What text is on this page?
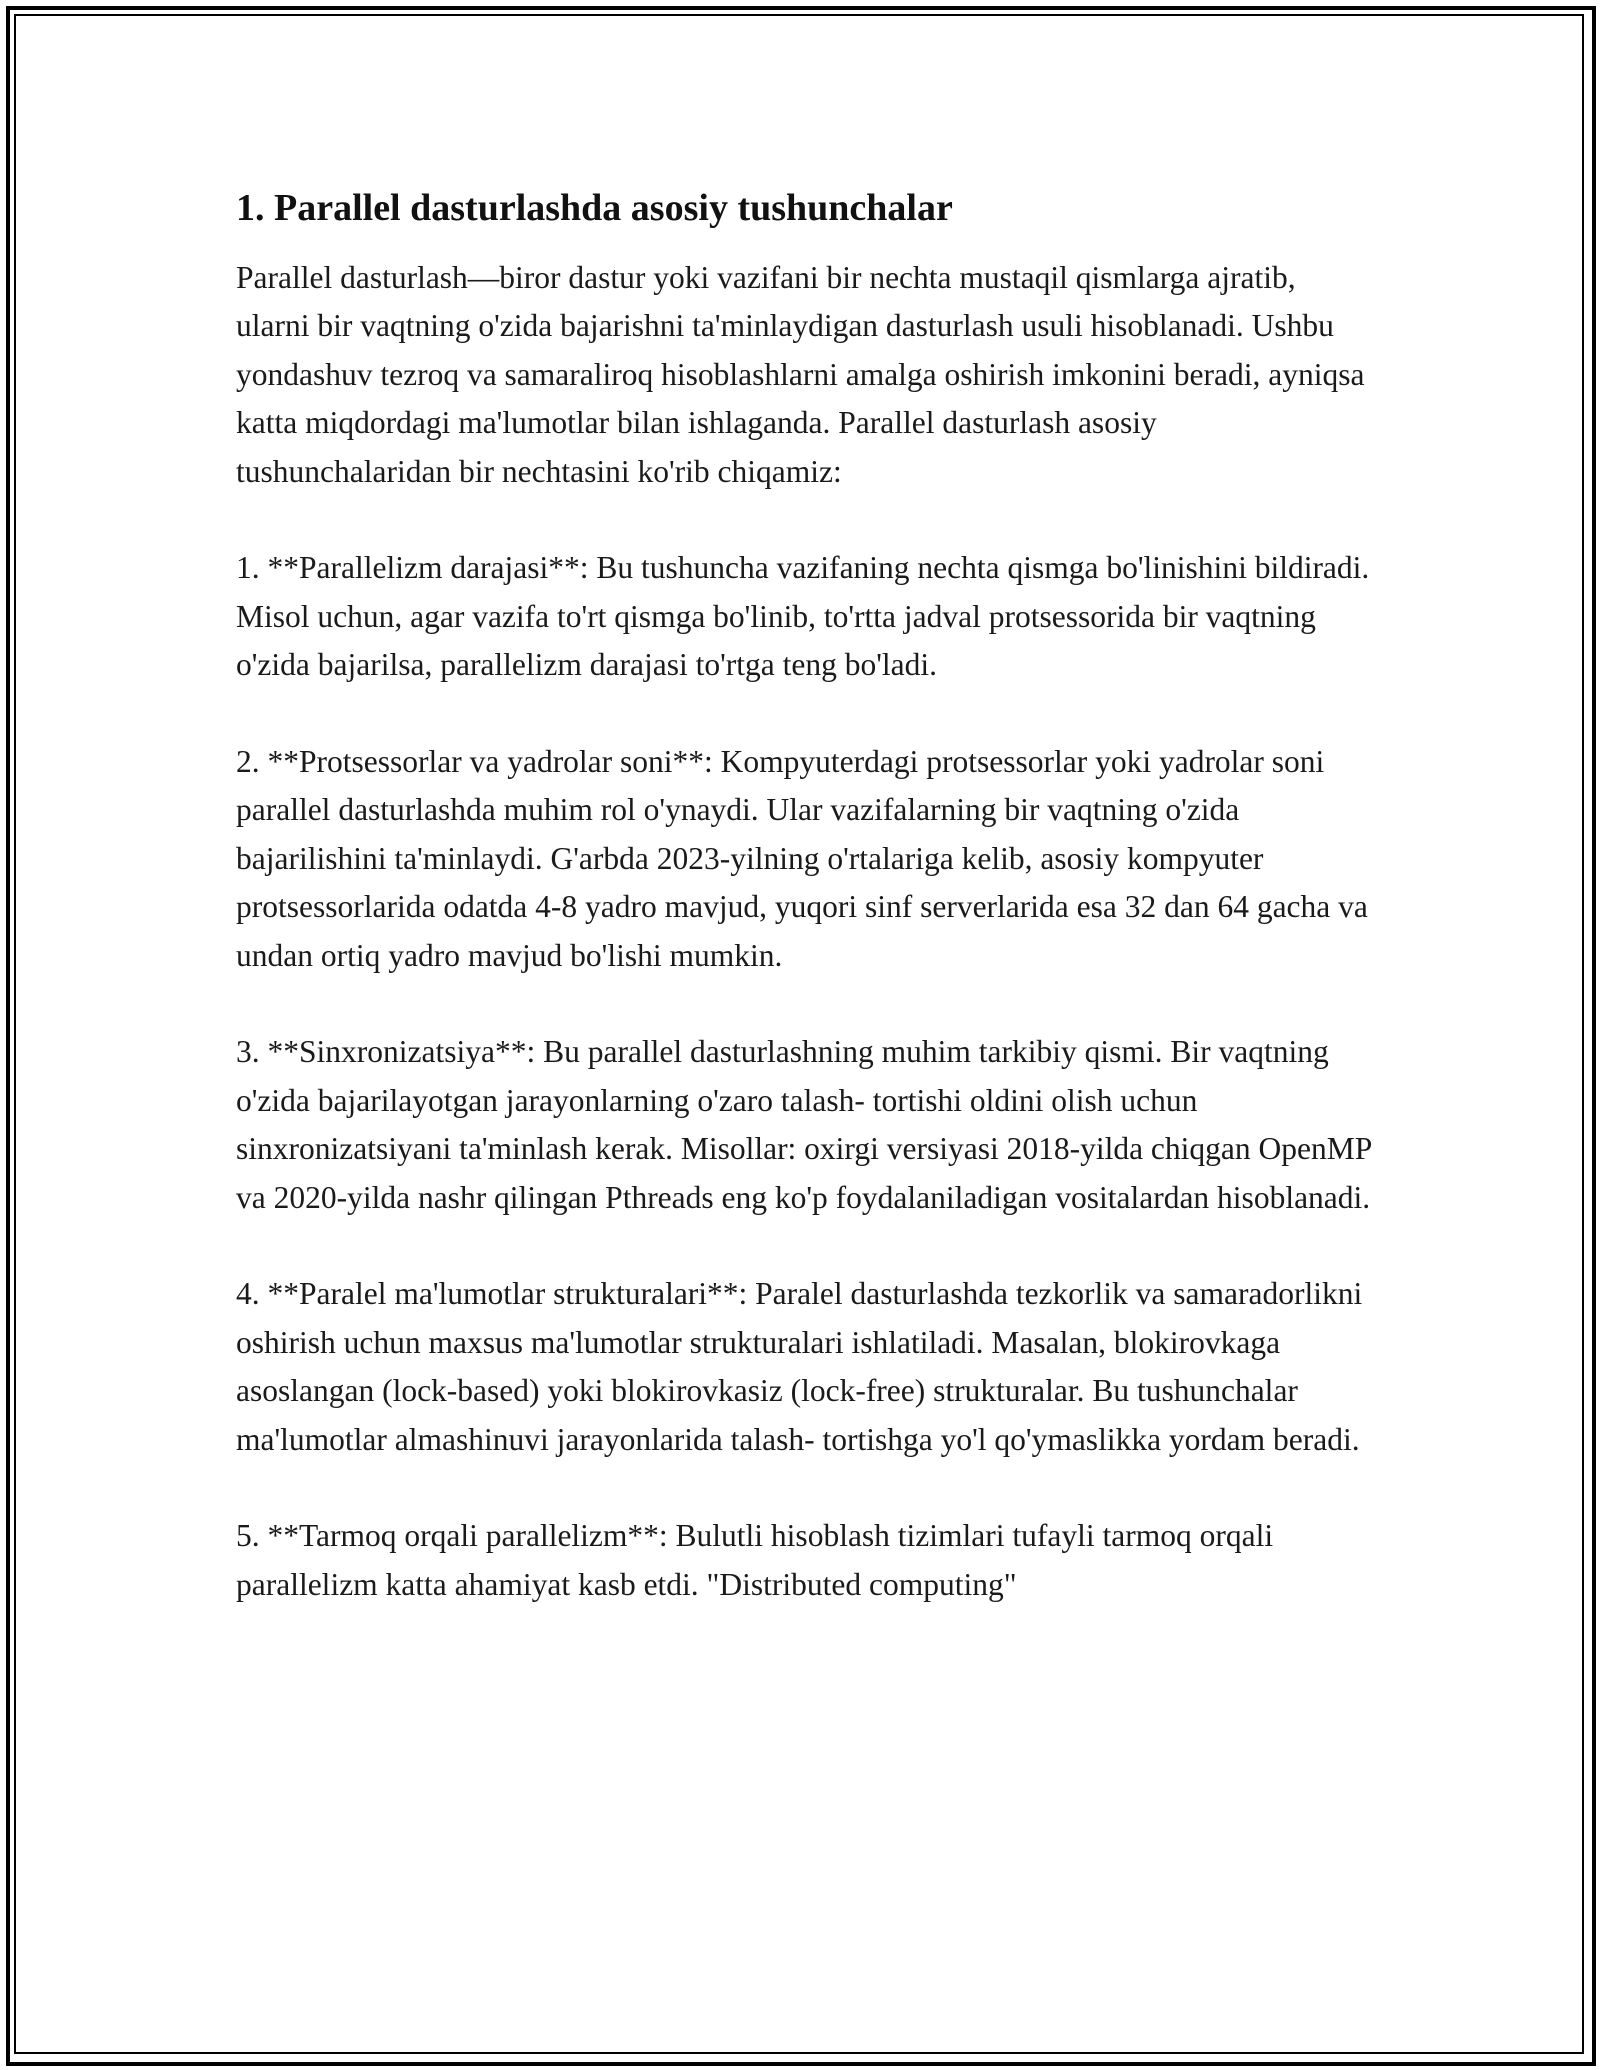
1. Parallel dasturlashda asosiy tushunchalar

Parallel dasturlash—biror dastur yoki vazifani bir nechta mustaqil qismlarga ajratib, ularni bir vaqtning o'zida bajarishni ta'minlaydigan dasturlash usuli hisoblanadi. Ushbu yondashuv tezroq va samaraliroq hisoblashlarni amalga oshirish imkonini beradi, ayniqsa katta miqdordagi ma'lumotlar bilan ishlaganda. Parallel dasturlash asosiy tushunchalaridan bir nechtasini ko'rib chiqamiz:

1. **Parallelizm darajasi**: Bu tushuncha vazifaning nechta qismga bo'linishini bildiradi. Misol uchun, agar vazifa to'rt qismga bo'linib, to'rtta jadval protsessorida bir vaqtning o'zida bajarilsa, parallelizm darajasi to'rtga teng bo'ladi.

2. **Protsessorlar va yadrolar soni**: Kompyuterdagi protsessorlar yoki yadrolar soni parallel dasturlashda muhim rol o'ynaydi. Ular vazifalarning bir vaqtning o'zida bajarilishini ta'minlaydi. G'arbda 2023-yilning o'rtalariga kelib, asosiy kompyuter protsessorlarida odatda 4-8 yadro mavjud, yuqori sinf serverlarida esa 32 dan 64 gacha va undan ortiq yadro mavjud bo'lishi mumkin.

3. **Sinxronizatsiya**: Bu parallel dasturlashning muhim tarkibiy qismi. Bir vaqtning o'zida bajarilayotgan jarayonlarning o'zaro talash- tortishi oldini olish uchun sinxronizatsiyani ta'minlash kerak. Misollar: oxirgi versiyasi 2018-yilda chiqgan OpenMP va 2020-yilda nashr qilingan Pthreads eng ko'p foydalaniladigan vositalardan hisoblanadi.

4. **Paralel ma'lumotlar strukturalari**: Paralel dasturlashda tezkorlik va samaradorlikni oshirish uchun maxsus ma'lumotlar strukturalari ishlatiladi. Masalan, blokirovkaga asoslangan (lock-based) yoki blokirovkasiz (lock-free) strukturalar. Bu tushunchalar ma'lumotlar almashinuvi jarayonlarida talash- tortishga yo'l qo'ymaslikka yordam beradi.

5. **Tarmoq orqali parallelizm**: Bulutli hisoblash tizimlari tufayli tarmoq orqali parallelizm katta ahamiyat kasb etdi. "Distributed computing"
